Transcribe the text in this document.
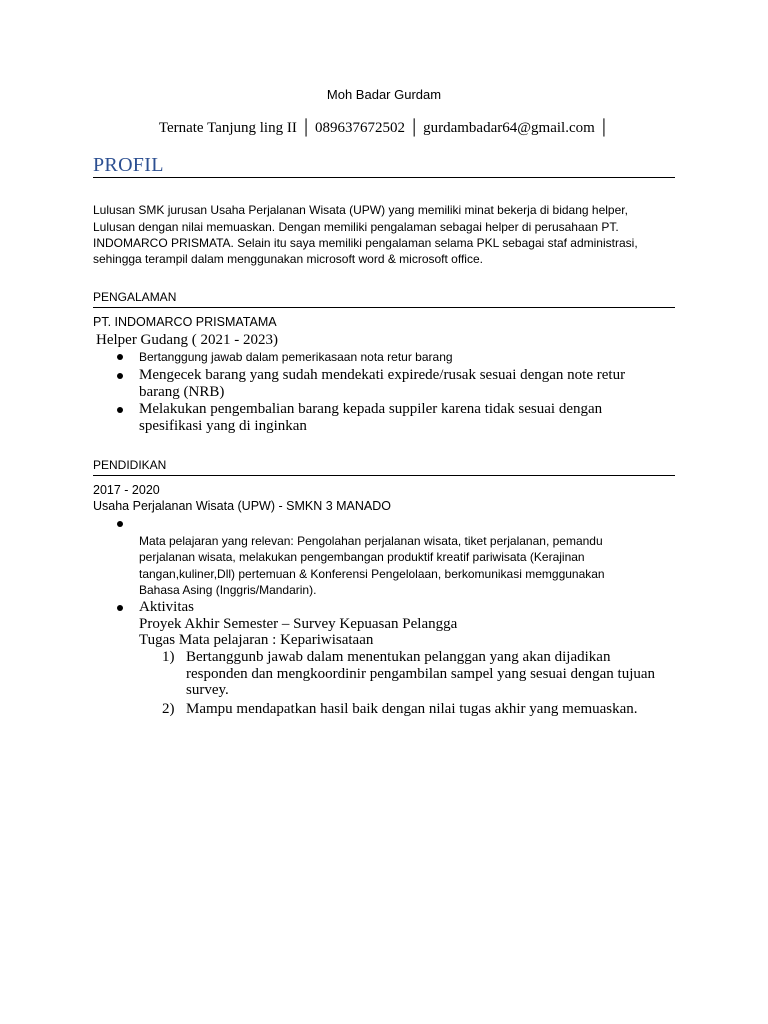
Moh Badar Gurdam
Ternate Tanjung ling II │ 08963767250‌2 │ gurdambadar64@gmail.com │
PROFIL
Lulusan SMK jurusan Usaha Perjalanan Wisata (UPW) yang memiliki minat bekerja di bidang helper,
Lulusan dengan nilai memuaskan. Dengan memiliki pengalaman sebagai helper di perusahaan PT.
INDOMARCO PRISMATA. Selain itu saya memiliki pengalaman selama PKL sebagai staf administrasi,
sehingga terampil dalam menggunakan microsoft word & microsoft office.
PENGALAMAN
PT. INDOMARCO PRISMATAMA
Helper Gudang ( 2021 - 2023)
Bertanggung jawab dalam pemerikasaan nota retur barang
Mengecek barang yang sudah mendekati expirede/rusak sesuai dengan note retur
barang (NRB)
Melakukan pengembalian barang kepada suppiler karena tidak sesuai dengan
spesifikasi yang di inginkan
PENDIDIKAN
2017 - 2020
Usaha Perjalanan Wisata (UPW) - SMKN 3 MANADO
Mata pelajaran yang relevan: Pengolahan perjalanan wisata, tiket perjalanan, pemandu
perjalanan wisata, melakukan pengembangan produktif kreatif pariwisata (Kerajinan
tangan,kuliner,Dll) pertemuan & Konferensi Pengelolaan, berkomunikasi memggunakan
Bahasa Asing (Inggris/Mandarin).
Aktivitas
Proyek Akhir Semester – Survey Kepuasan Pelangga
Tugas Mata pelajaran : Kepariwisataan
1) Bertanggunb jawab dalam menentukan pelanggan yang akan dijadikan
responden dan mengkoordinir pengambilan sampel yang sesuai dengan tujuan
survey.
2) Mampu mendapatkan hasil baik dengan nilai tugas akhir yang memuaskan.
